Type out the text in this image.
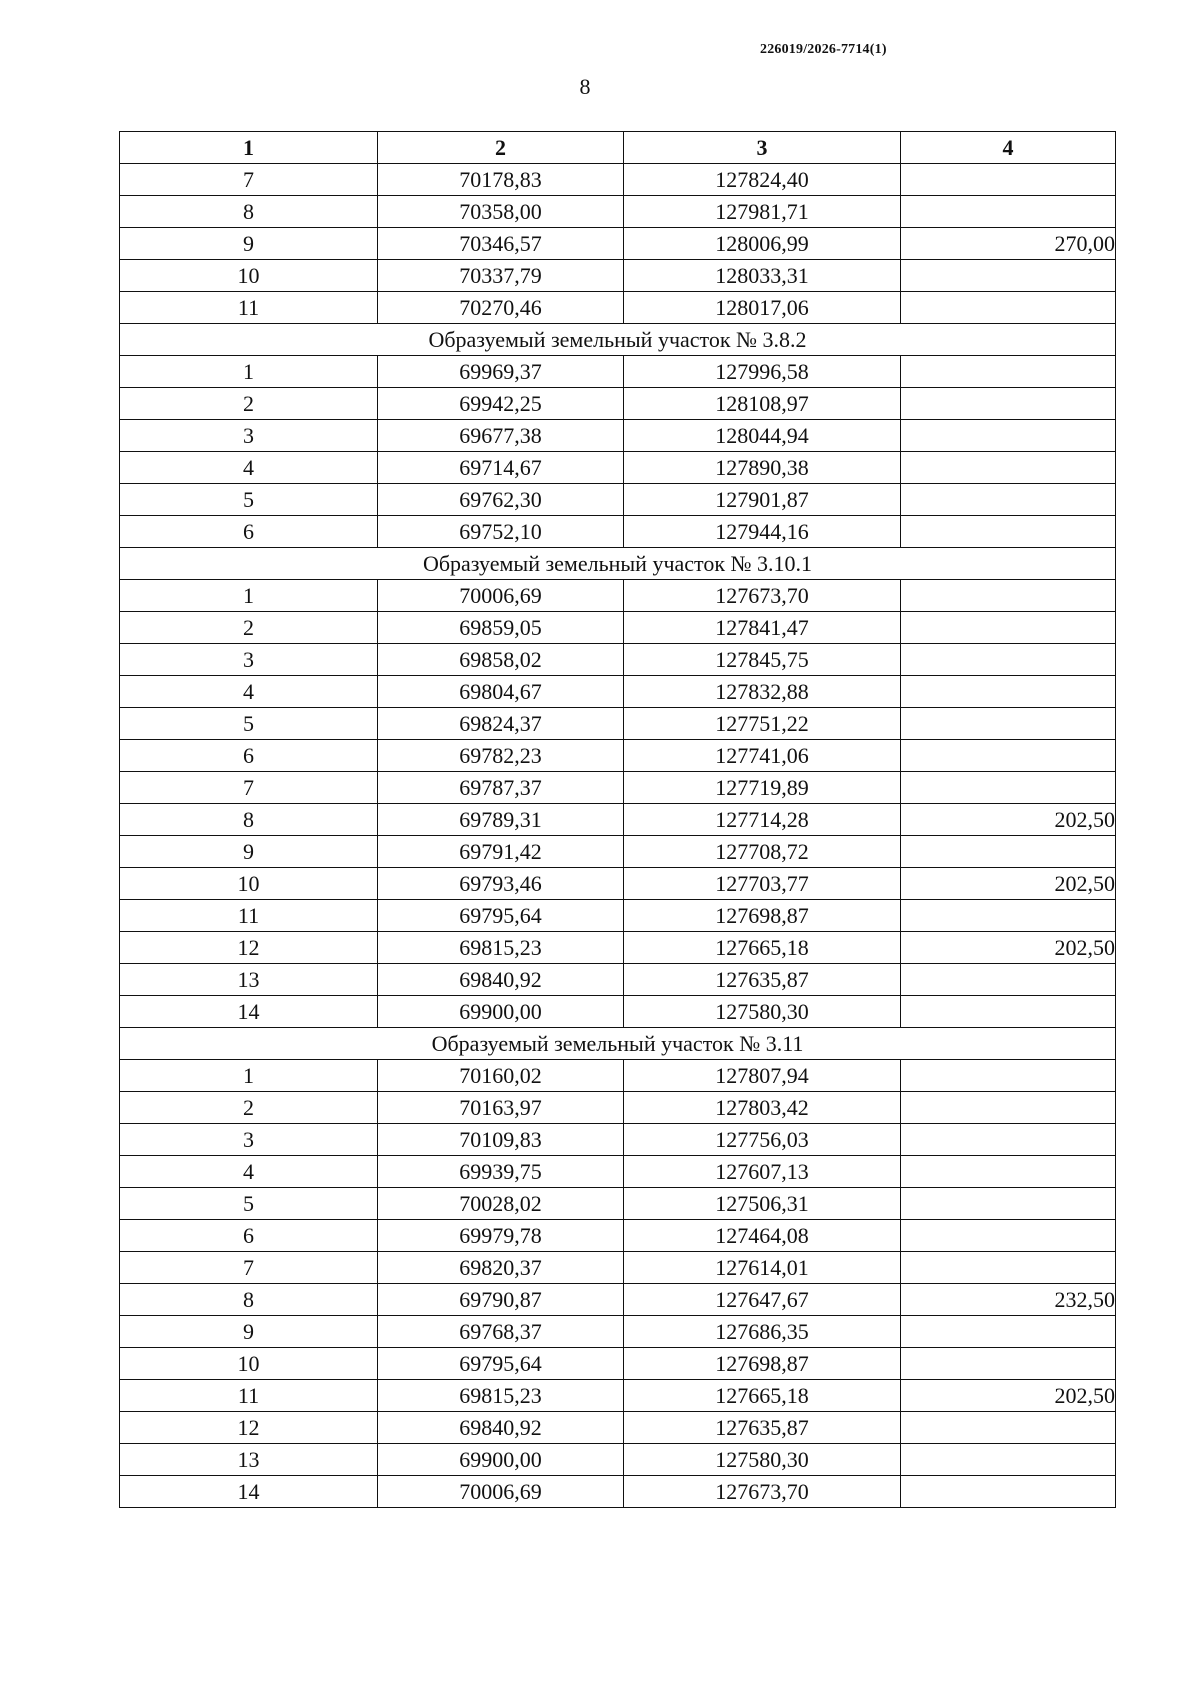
226019/2026-7714(1)
8
1	2	3	4
7	70178,83	127824,40	
8	70358,00	127981,71	
9	70346,57	128006,99	270,00
10	70337,79	128033,31	
11	70270,46	128017,06	
Образуемый земельный участок № 3.8.2			
1	69969,37	127996,58	
2	69942,25	128108,97	
3	69677,38	128044,94	
4	69714,67	127890,38	
5	69762,30	127901,87	
6	69752,10	127944,16	
Образуемый земельный участок № 3.10.1			
1	70006,69	127673,70	
2	69859,05	127841,47	
3	69858,02	127845,75	
4	69804,67	127832,88	
5	69824,37	127751,22	
6	69782,23	127741,06	
7	69787,37	127719,89	
8	69789,31	127714,28	202,50
9	69791,42	127708,72	
10	69793,46	127703,77	202,50
11	69795,64	127698,87	
12	69815,23	127665,18	202,50
13	69840,92	127635,87	
14	69900,00	127580,30	
Образуемый земельный участок № 3.11			
1	70160,02	127807,94	
2	70163,97	127803,42	
3	70109,83	127756,03	
4	69939,75	127607,13	
5	70028,02	127506,31	
6	69979,78	127464,08	
7	69820,37	127614,01	
8	69790,87	127647,67	232,50
9	69768,37	127686,35	
10	69795,64	127698,87	
11	69815,23	127665,18	202,50
12	69840,92	127635,87	
13	69900,00	127580,30	
14	70006,69	127673,70	
